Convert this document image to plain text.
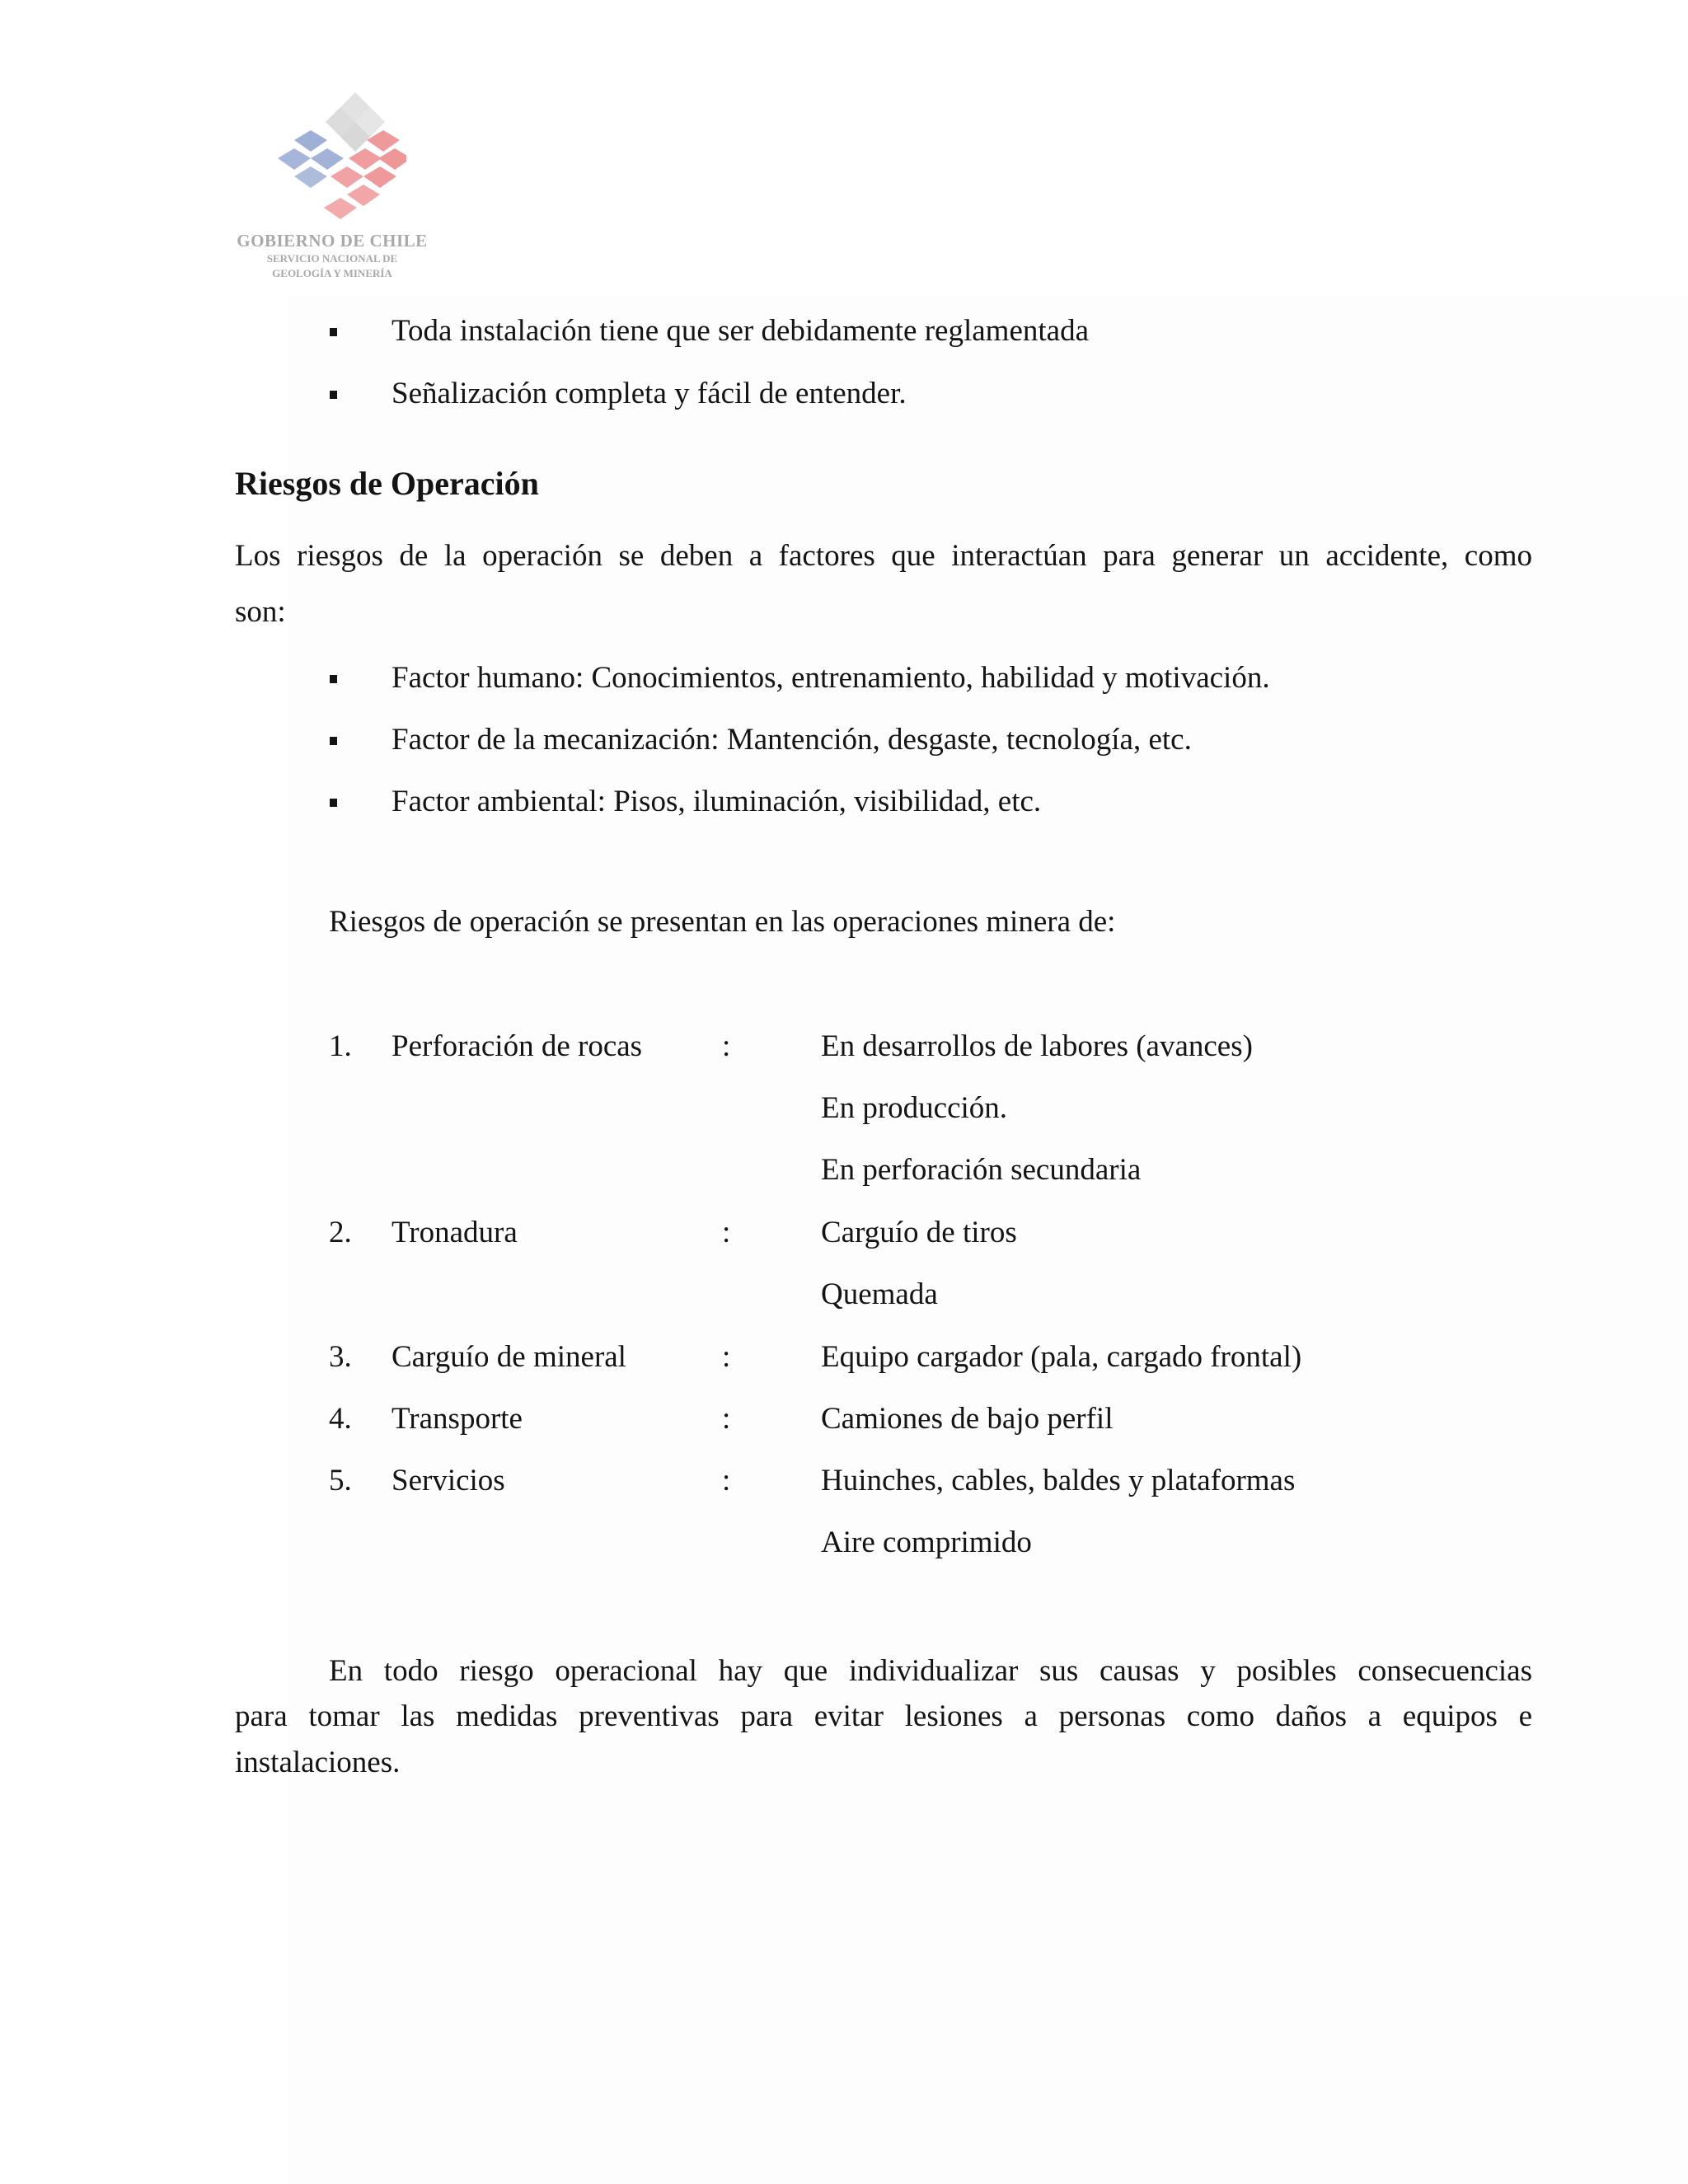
GOBIERNO DE CHILE
SERVICIO NACIONAL DE
GEOLOGÍA Y MINERÍA
Toda instalación tiene que ser debidamente reglamentada
Señalización completa y fácil de entender.
Riesgos de Operación
Los riesgos de la operación se deben a factores que interactúan para generar un accidente, como
son:
Factor humano: Conocimientos, entrenamiento, habilidad y motivación.
Factor de la mecanización: Mantención, desgaste, tecnología, etc.
Factor ambiental: Pisos, iluminación, visibilidad, etc.
Riesgos de operación se presentan en las operaciones minera de:
1. Perforación de rocas	:	En desarrollos de labores (avances)
En producción.
En perforación secundaria
2. Tronadura	:	Carguío de tiros
Quemada
3. Carguío de mineral	:	Equipo cargador (pala, cargado frontal)
4. Transporte	:	Camiones de bajo perfil
5. Servicios	:	Huinches, cables, baldes y plataformas
Aire comprimido
En todo riesgo operacional hay que individualizar sus causas y posibles consecuencias
para tomar las medidas preventivas para evitar lesiones a personas como daños a equipos e
instalaciones.
